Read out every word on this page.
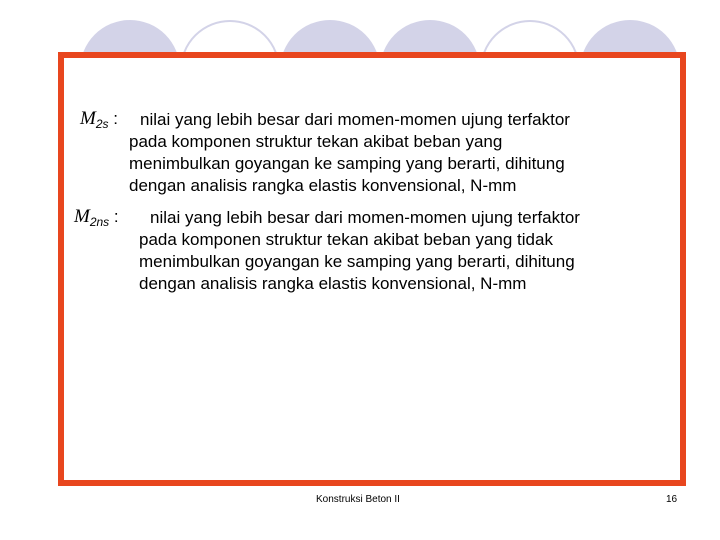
$M_{2s}$ : nilai yang lebih besar dari momen-momen ujung terfaktor
pada komponen struktur tekan akibat beban yang
menimbulkan goyangan ke samping yang berarti, dihitung
dengan analisis rangka elastis konvensional, N-mm
$M_{2ns}$ : nilai yang lebih besar dari momen-momen ujung terfaktor
pada komponen struktur tekan akibat beban yang tidak
menimbulkan goyangan ke samping yang berarti, dihitung
dengan analisis rangka elastis konvensional, N-mm
Konstruksi Beton II	16
